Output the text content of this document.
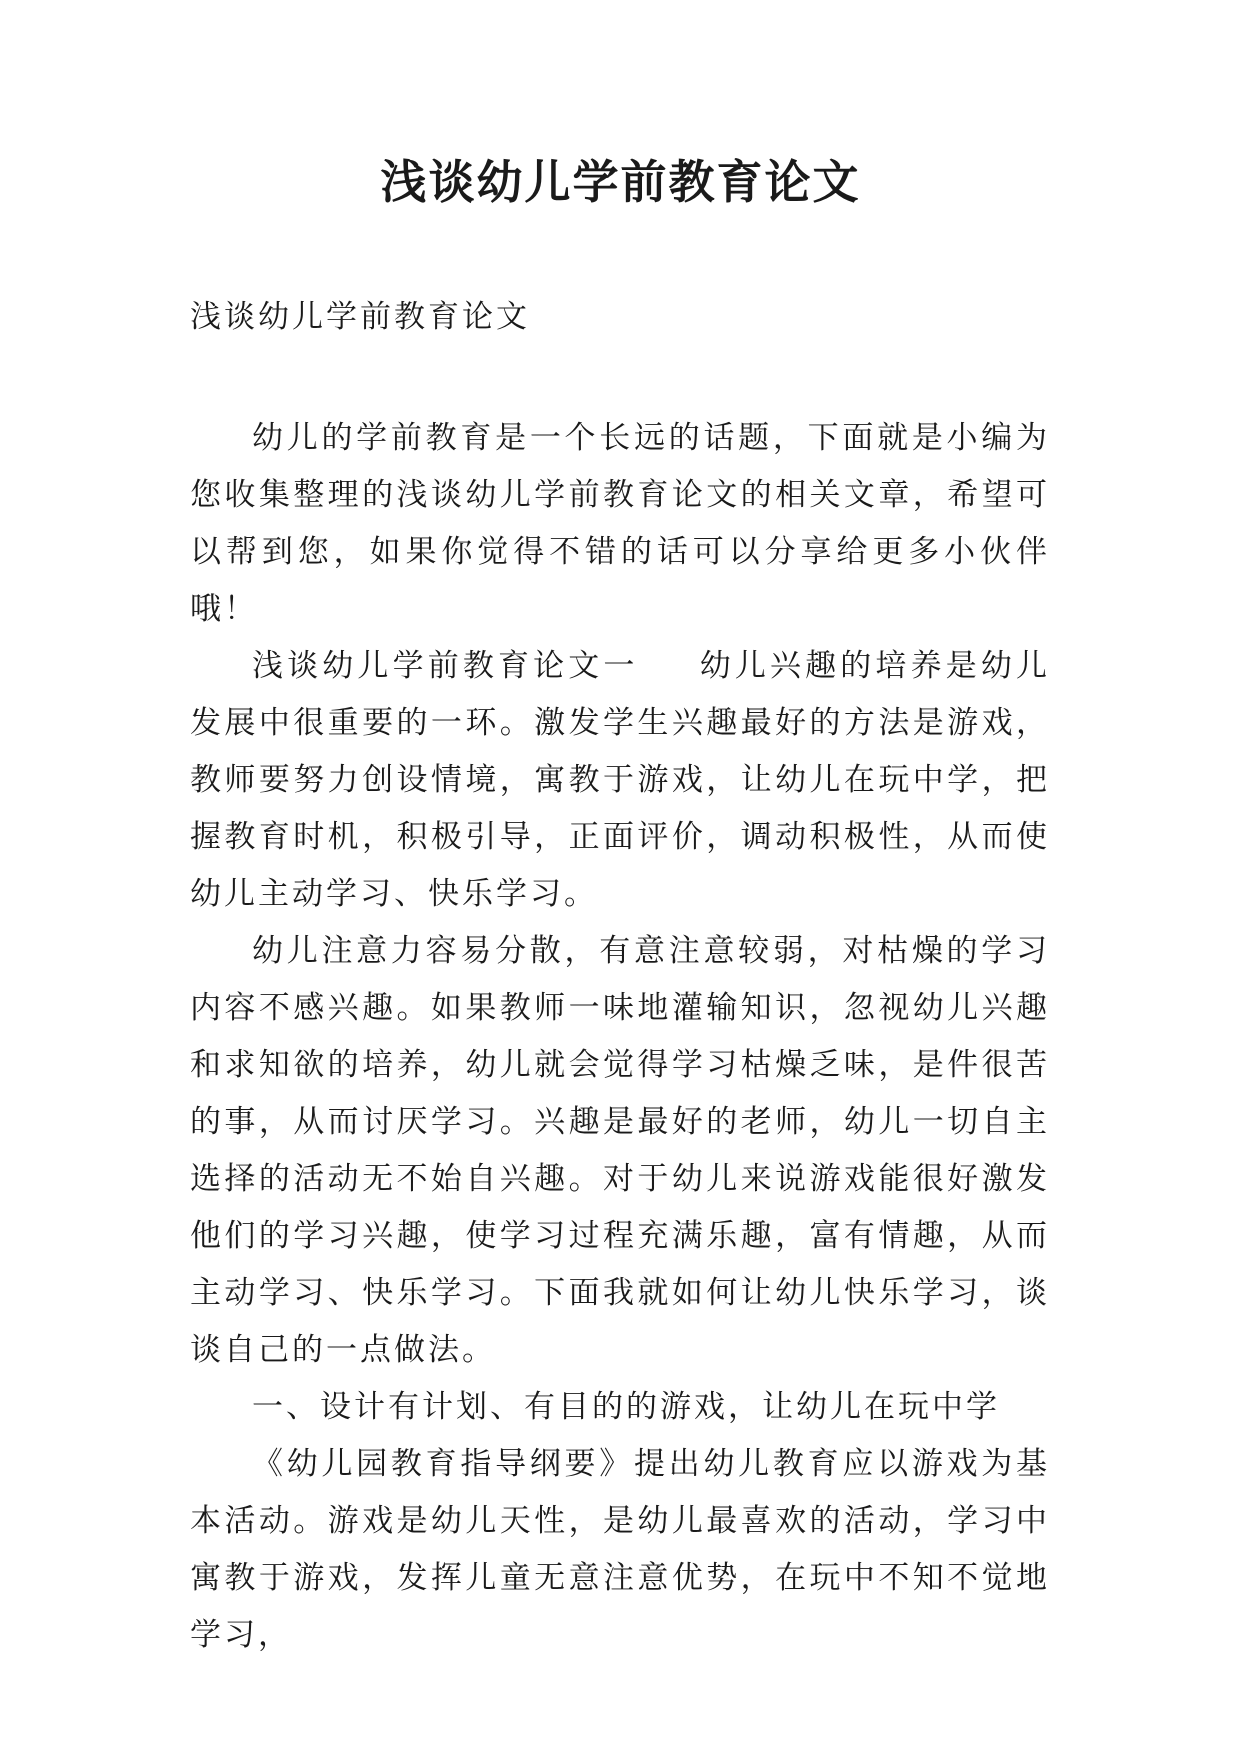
浅谈幼儿学前教育论文
浅谈幼儿学前教育论文

幼儿的学前教育是一个长远的话题，下面就是小编为您收集整理的浅谈幼儿学前教育论文的相关文章，希望可以帮到您，如果你觉得不错的话可以分享给更多小伙伴哦！

浅谈幼儿学前教育论文一 幼儿兴趣的培养是幼儿发展中很重要的一环。激发学生兴趣最好的方法是游戏，教师要努力创设情境，寓教于游戏，让幼儿在玩中学，把握教育时机，积极引导，正面评价，调动积极性，从而使幼儿主动学习、快乐学习。

幼儿注意力容易分散，有意注意较弱，对枯燥的学习内容不感兴趣。如果教师一味地灌输知识，忽视幼儿兴趣和求知欲的培养，幼儿就会觉得学习枯燥乏味，是件很苦的事，从而讨厌学习。兴趣是最好的老师，幼儿一切自主选择的活动无不始自兴趣。对于幼儿来说游戏能很好激发他们的学习兴趣，使学习过程充满乐趣，富有情趣，从而主动学习、快乐学习。下面我就如何让幼儿快乐学习，谈谈自己的一点做法。

一、设计有计划、有目的的游戏，让幼儿在玩中学

《幼儿园教育指导纲要》提出幼儿教育应以游戏为基本活动。游戏是幼儿天性，是幼儿最喜欢的活动，学习中寓教于游戏，发挥儿童无意注意优势，在玩中不知不觉地学习，
